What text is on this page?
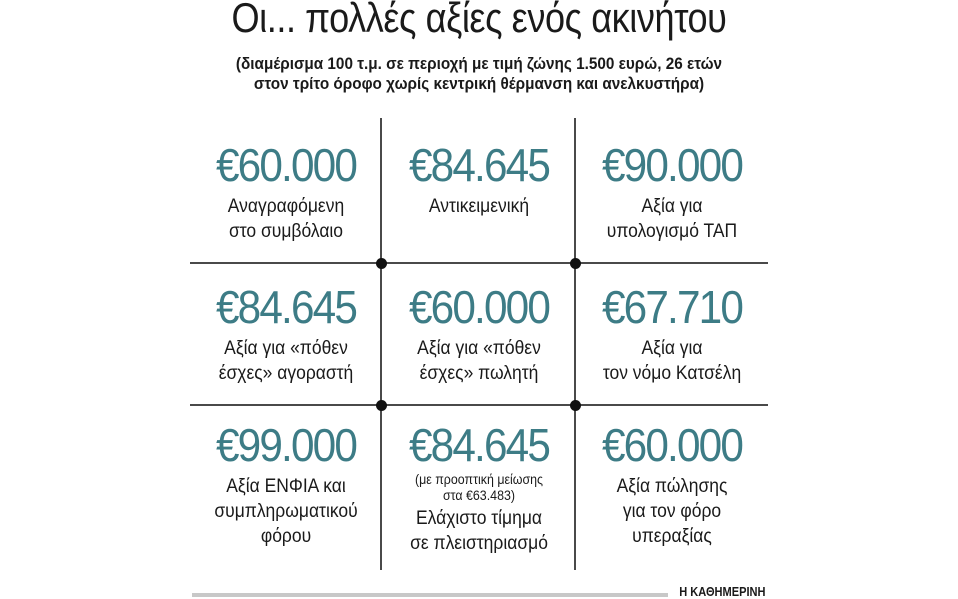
Οι... πολλές αξίες ενός ακινήτου
(διαμέρισμα 100 τ.μ. σε περιοχή με τιμή ζώνης 1.500 ευρώ, 26 ετών
στον τρίτο όροφο χωρίς κεντρική θέρμανση και ανελκυστήρα)
€60.000
Αναγραφόμενη
στο συμβόλαιο
€84.645
Αντικειμενική
€90.000
Αξία για
υπολογισμό ΤΑΠ
€84.645
Αξία για «πόθεν
έσχες» αγοραστή
€60.000
Αξία για «πόθεν
έσχες» πωλητή
€67.710
Αξία για
τον νόμο Κατσέλη
€99.000
Αξία ΕΝΦΙΑ και
συμπληρωματικού
φόρου
€84.645
(με προοπτική μείωσης
στα €63.483)
Ελάχιστο τίμημα
σε πλειστηριασμό
€60.000
Αξία πώλησης
για τον φόρο
υπεραξίας
Η ΚΑΘΗΜΕΡΙΝΗ
